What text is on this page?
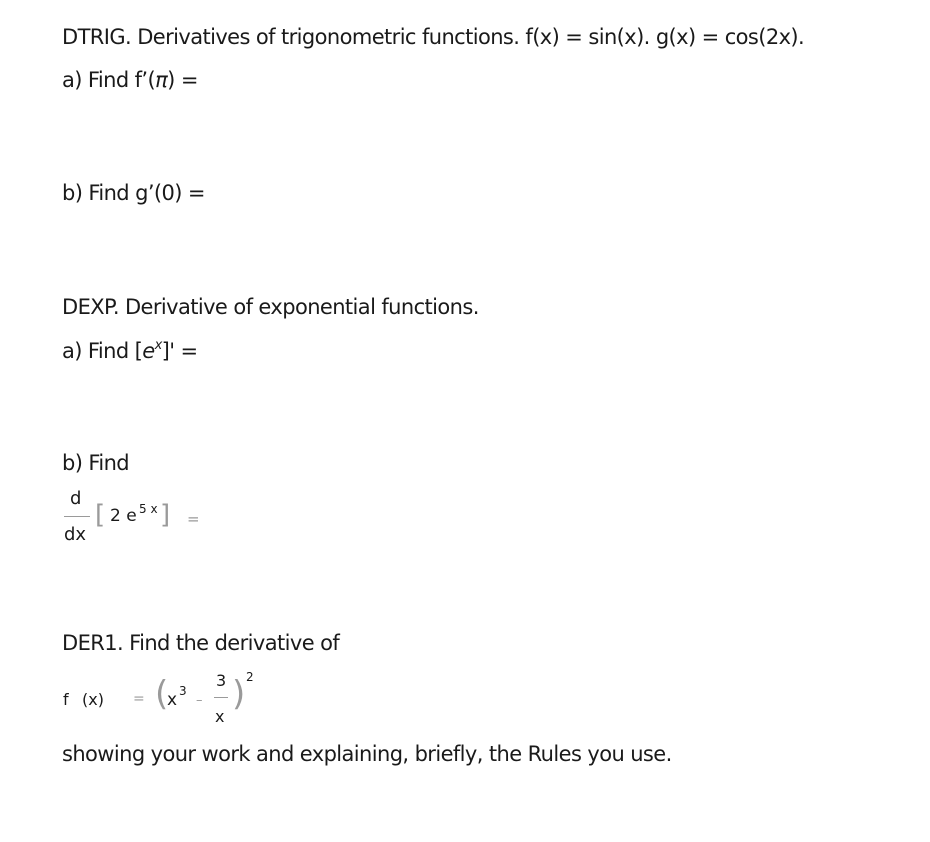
DTRIG. Derivatives of trigonometric functions. f(x) = sin(x). g(x) = cos(2x).
a) Find f’(π) =
b) Find g’(0) =
DEXP. Derivative of exponential functions.
a) Find $[e^x]'$ =
b) Find
d
dx
[ 2 e 5 x ] =
DER1. Find the derivative of
f (x) = (
x 3
–
3
x
) 2
showing your work and explaining, briefly, the Rules you use.
